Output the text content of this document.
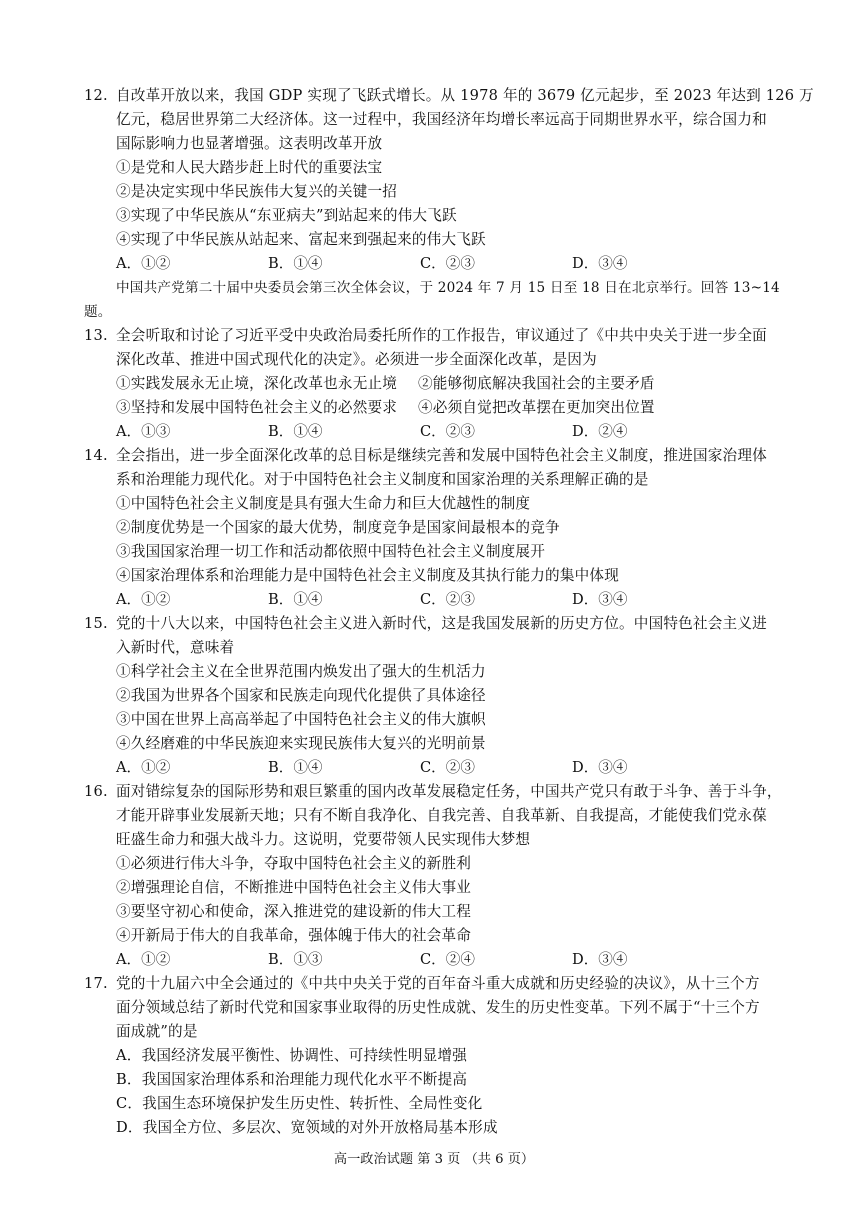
12. 自改革开放以来，我国 GDP 实现了飞跃式增长。从 1978 年的 3679 亿元起步，至 2023 年达到 126 万
亿元，稳居世界第二大经济体。这一过程中，我国经济年均增长率远高于同期世界水平，综合国力和
国际影响力也显著增强。这表明改革开放
①是党和人民大踏步赶上时代的重要法宝
②是决定实现中华民族伟大复兴的关键一招
③实现了中华民族从“东亚病夫”到站起来的伟大飞跃
④实现了中华民族从站起来、富起来到强起来的伟大飞跃
A．①②	B．①④	C．②③	D．③④
中国共产党第二十届中央委员会第三次全体会议，于 2024 年 7 月 15 日至 18 日在北京举行。回答 13~14
题。
13. 全会听取和讨论了习近平受中央政治局委托所作的工作报告，审议通过了《中共中央关于进一步全面
深化改革、推进中国式现代化的决定》。必须进一步全面深化改革，是因为
①实践发展永无止境，深化改革也永无止境 ②能够彻底解决我国社会的主要矛盾
③坚持和发展中国特色社会主义的必然要求 ④必须自觉把改革摆在更加突出位置
A．①③	B．①④	C．②③	D．②④
14. 全会指出，进一步全面深化改革的总目标是继续完善和发展中国特色社会主义制度，推进国家治理体
系和治理能力现代化。对于中国特色社会主义制度和国家治理的关系理解正确的是
①中国特色社会主义制度是具有强大生命力和巨大优越性的制度
②制度优势是一个国家的最大优势，制度竞争是国家间最根本的竞争
③我国国家治理一切工作和活动都依照中国特色社会主义制度展开
④国家治理体系和治理能力是中国特色社会主义制度及其执行能力的集中体现
A．①②	B．①④	C．②③	D．③④
15. 党的十八大以来，中国特色社会主义进入新时代，这是我国发展新的历史方位。中国特色社会主义进
入新时代，意味着
①科学社会主义在全世界范围内焕发出了强大的生机活力
②我国为世界各个国家和民族走向现代化提供了具体途径
③中国在世界上高高举起了中国特色社会主义的伟大旗帜
④久经磨难的中华民族迎来实现民族伟大复兴的光明前景
A．①②	B．①④	C．②③	D．③④
16. 面对错综复杂的国际形势和艰巨繁重的国内改革发展稳定任务，中国共产党只有敢于斗争、善于斗争，
才能开辟事业发展新天地；只有不断自我净化、自我完善、自我革新、自我提高，才能使我们党永葆
旺盛生命力和强大战斗力。这说明，党要带领人民实现伟大梦想
①必须进行伟大斗争，夺取中国特色社会主义的新胜利
②增强理论自信，不断推进中国特色社会主义伟大事业
③要坚守初心和使命，深入推进党的建设新的伟大工程
④开新局于伟大的自我革命，强体魄于伟大的社会革命
A．①②	B．①③	C．②④	D．③④
17. 党的十九届六中全会通过的《中共中央关于党的百年奋斗重大成就和历史经验的决议》，从十三个方
面分领域总结了新时代党和国家事业取得的历史性成就、发生的历史性变革。下列不属于“十三个方
面成就”的是
A．我国经济发展平衡性、协调性、可持续性明显增强
B．我国国家治理体系和治理能力现代化水平不断提高
C．我国生态环境保护发生历史性、转折性、全局性变化
D．我国全方位、多层次、宽领域的对外开放格局基本形成
高一政治试题 第 3 页 （共 6 页）
